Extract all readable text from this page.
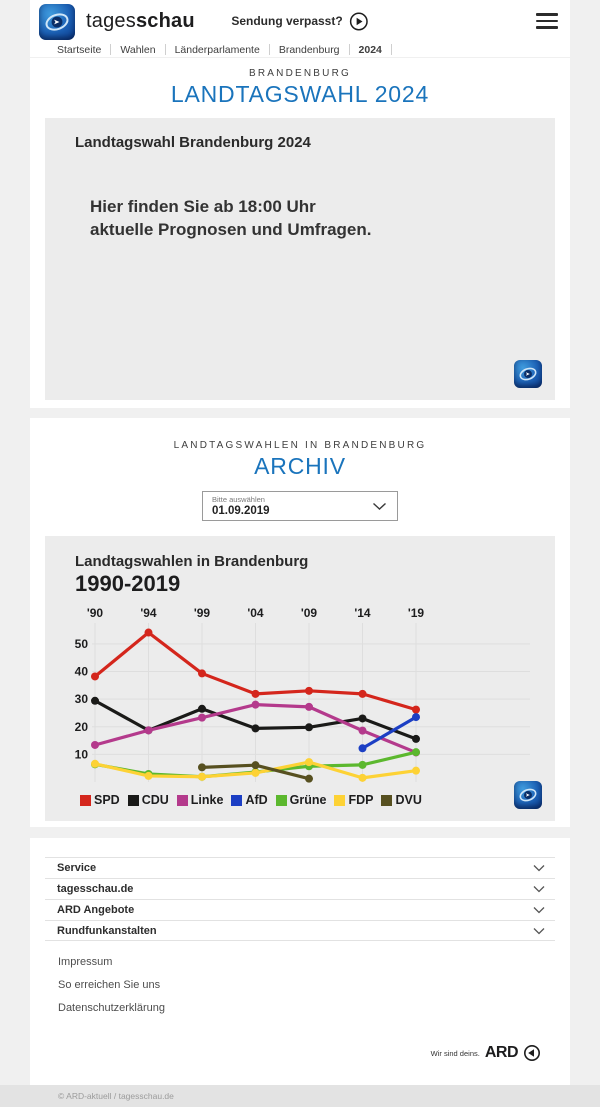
tagesschau	Sendung verpasst?
Startseite	Wahlen	Länderparlamente	Brandenburg	2024
BRANDENBURG
LANDTAGSWAHL 2024
Landtagswahl Brandenburg 2024
Hier finden Sie ab 18:00 Uhr
aktuelle Prognosen und Umfragen.
LANDTAGSWAHLEN IN BRANDENBURG
ARCHIV
Bitte auswählen
01.09.2019
Landtagswahlen in Brandenburg
1990-2019
'90	'94	'99	'04	'09	'14	'19
10
20
30
40
50
SPD CDU Linke AfD Grüne FDP DVU
Service
tagesschau.de
ARD Angebote
Rundfunkanstalten
Impressum
So erreichen Sie uns
Datenschutzerklärung
Wir sind deins. ARD
© ARD-aktuell / tagesschau.de
